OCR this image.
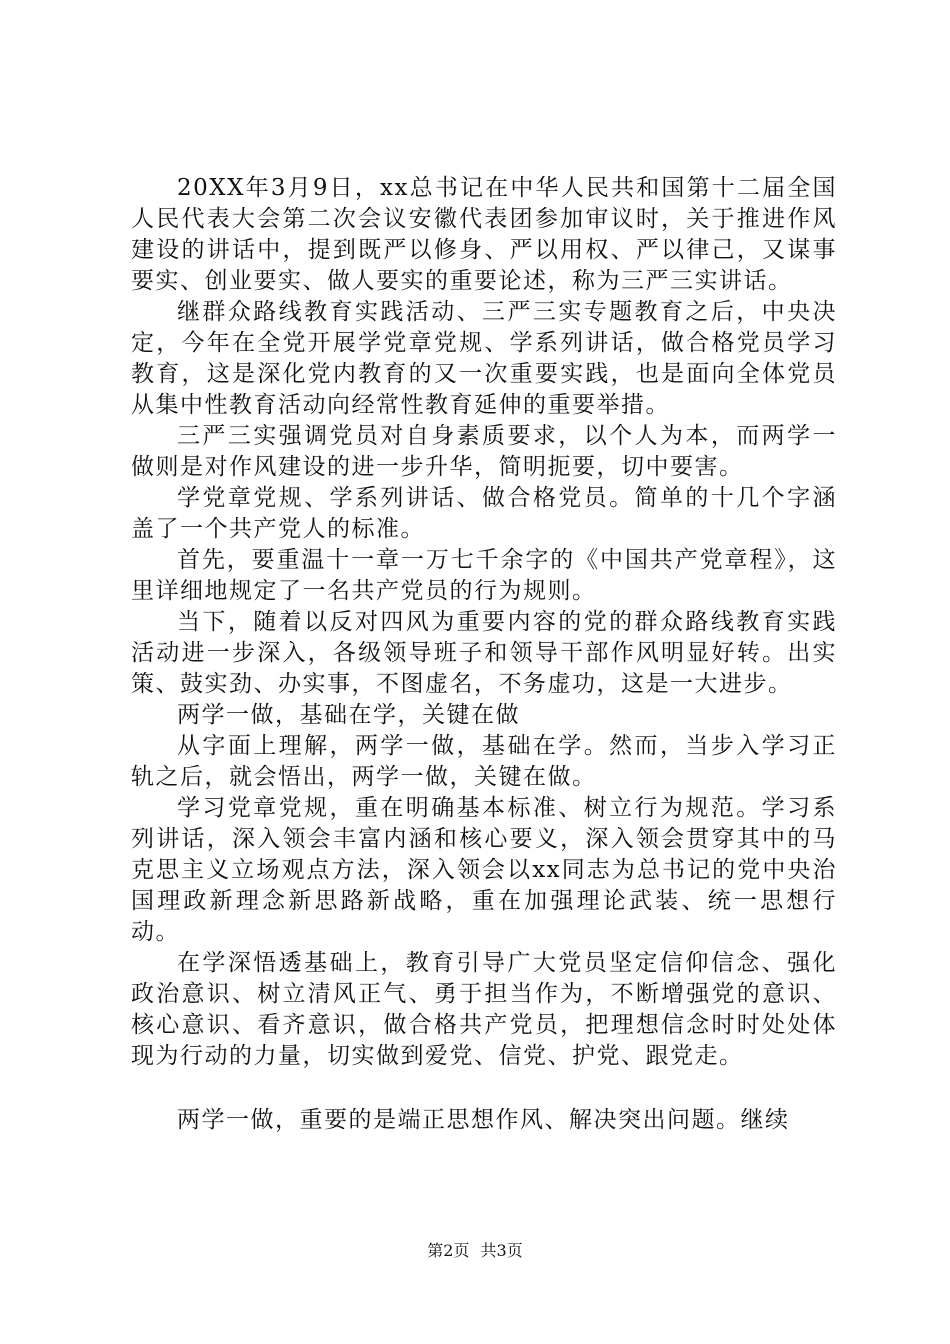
20XX年3月9日，xx总书记在中华人民共和国第十二届全国人民代表大会第二次会议安徽代表团参加审议时，关于推进作风建设的讲话中，提到既严以修身、严以用权、严以律己，又谋事要实、创业要实、做人要实的重要论述，称为三严三实讲话。

继群众路线教育实践活动、三严三实专题教育之后，中央决定，今年在全党开展学党章党规、学系列讲话，做合格党员学习教育，这是深化党内教育的又一次重要实践，也是面向全体党员从集中性教育活动向经常性教育延伸的重要举措。

三严三实强调党员对自身素质要求，以个人为本，而两学一做则是对作风建设的进一步升华，简明扼要，切中要害。

学党章党规、学系列讲话、做合格党员。简单的十几个字涵盖了一个共产党人的标准。

首先，要重温十一章一万七千余字的《中国共产党章程》，这里详细地规定了一名共产党员的行为规则。

当下，随着以反对四风为重要内容的党的群众路线教育实践活动进一步深入，各级领导班子和领导干部作风明显好转。出实策、鼓实劲、办实事，不图虚名，不务虚功，这是一大进步。

两学一做，基础在学，关键在做

从字面上理解，两学一做，基础在学。然而，当步入学习正轨之后，就会悟出，两学一做，关键在做。

学习党章党规，重在明确基本标准、树立行为规范。学习系列讲话，深入领会丰富内涵和核心要义，深入领会贯穿其中的马克思主义立场观点方法，深入领会以xx同志为总书记的党中央治国理政新理念新思路新战略，重在加强理论武装、统一思想行动。

在学深悟透基础上，教育引导广大党员坚定信仰信念、强化政治意识、树立清风正气、勇于担当作为，不断增强党的意识、核心意识、看齐意识，做合格共产党员，把理想信念时时处处体现为行动的力量，切实做到爱党、信党、护党、跟党走。

两学一做，重要的是端正思想作风、解决突出问题。继续

第2页 共3页
